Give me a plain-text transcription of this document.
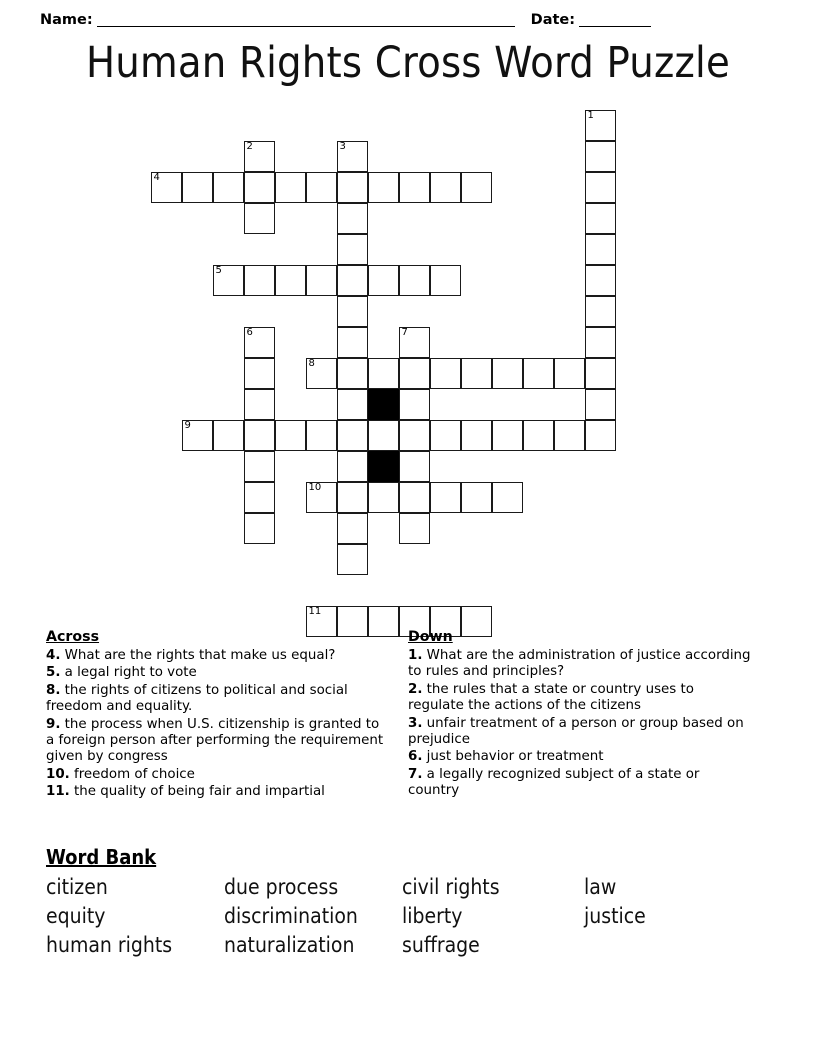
Name:	Date:
Human Rights Cross Word Puzzle
1
2	3
4
5
6	7
8
9
10
11
Across

4. What are the rights that make us equal?

5. a legal right to vote

8. the rights of citizens to political and social freedom and equality.

9. the process when U.S. citizenship is granted to a foreign person after performing the requirement given by congress

10. freedom of choice

11. the quality of being fair and impartial

Down

1. What are the administration of justice according to rules and principles?

2. the rules that a state or country uses to regulate the actions of the citizens

3. unfair treatment of a person or group based on prejudice

6. just behavior or treatment

7. a legally recognized subject of a state or country

Word Bank
citizen	due process	civil rights	law
equity	discrimination	liberty	justice
human rights	naturalization	suffrage
